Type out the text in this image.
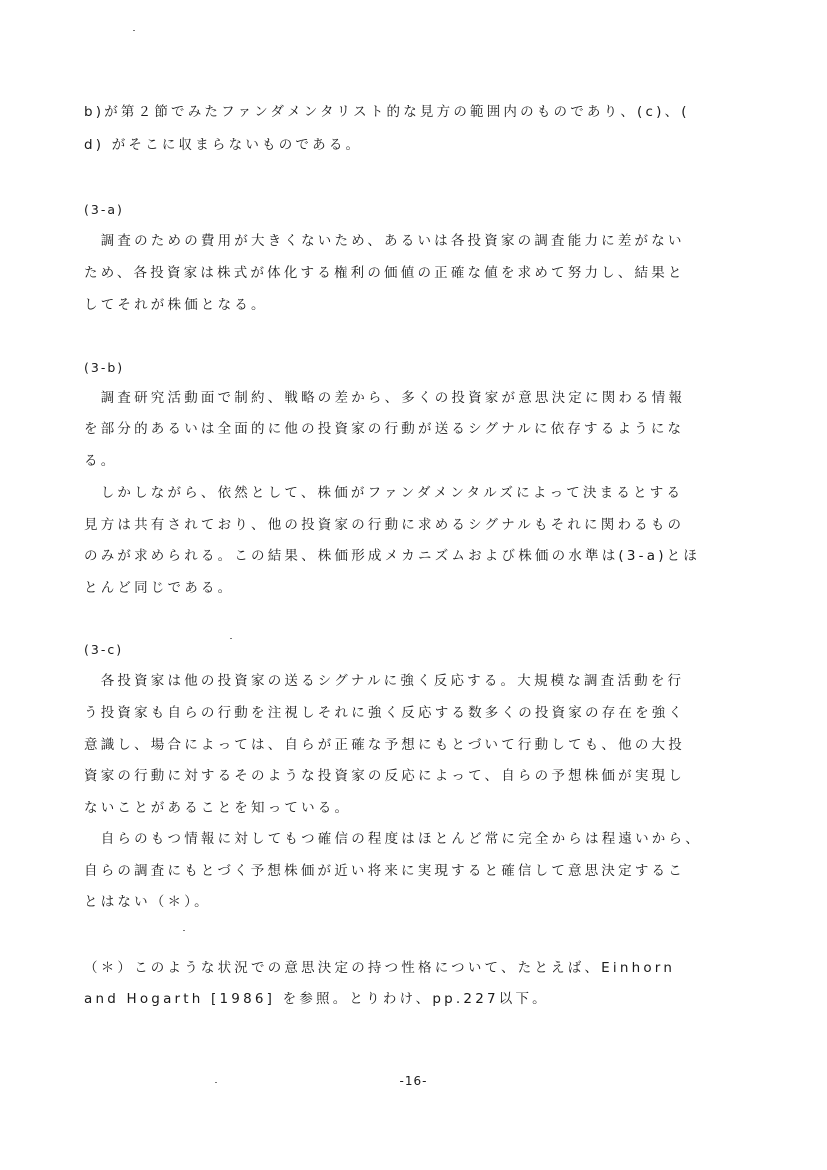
b)が第２節でみたファンダメンタリスト的な見方の範囲内のものであり、(c)、(
d) がそこに収まらないものである。
(3-a)
　調査のための費用が大きくないため、あるいは各投資家の調査能力に差がない
ため、各投資家は株式が体化する権利の価値の正確な値を求めて努力し、結果と
してそれが株価となる。
(3-b)
　調査研究活動面で制約、戦略の差から、多くの投資家が意思決定に関わる情報
を部分的あるいは全面的に他の投資家の行動が送るシグナルに依存するようにな
る。
　しかしながら、依然として、株価がファンダメンタルズによって決まるとする
見方は共有されており、他の投資家の行動に求めるシグナルもそれに関わるもの
のみが求められる。この結果、株価形成メカニズムおよび株価の水準は(3-a)とほ
とんど同じである。
(3-c)
　各投資家は他の投資家の送るシグナルに強く反応する。大規模な調査活動を行
う投資家も自らの行動を注視しそれに強く反応する数多くの投資家の存在を強く
意識し、場合によっては、自らが正確な予想にもとづいて行動しても、他の大投
資家の行動に対するそのような投資家の反応によって、自らの予想株価が実現し
ないことがあることを知っている。
　自らのもつ情報に対してもつ確信の程度はほとんど常に完全からは程遠いから、
自らの調査にもとづく予想株価が近い将来に実現すると確信して意思決定するこ
とはない（＊）。
（＊）このような状況での意思決定の持つ性格について、たとえば、Einhorn
and Hogarth [1986] を参照。とりわけ、pp.227以下。
-16-
